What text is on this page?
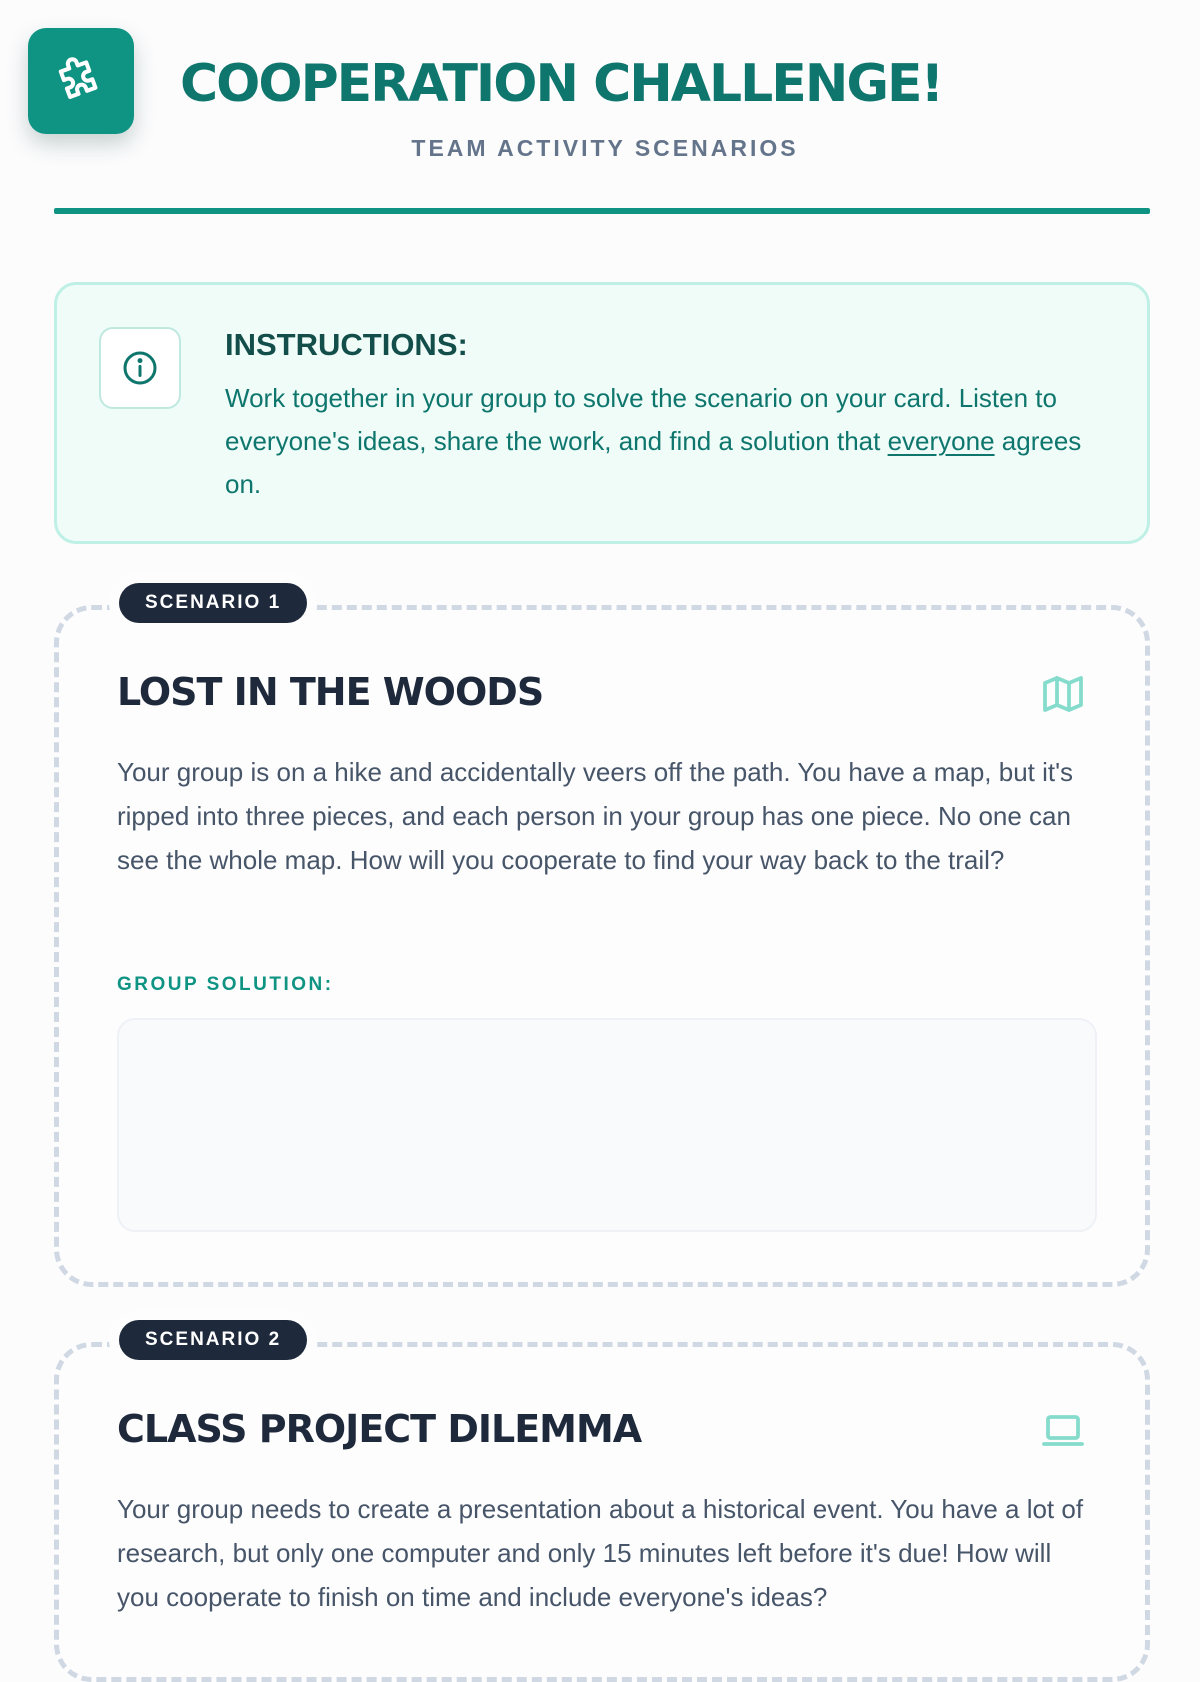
COOPERATION CHALLENGE!
TEAM ACTIVITY SCENARIOS
INSTRUCTIONS:
Work together in your group to solve the scenario on your card. Listen to everyone's ideas, share the work, and find a solution that everyone agrees on.
SCENARIO 1
LOST IN THE WOODS
Your group is on a hike and accidentally veers off the path. You have a map, but it's ripped into three pieces, and each person in your group has one piece. No one can see the whole map. How will you cooperate to find your way back to the trail?
GROUP SOLUTION:
SCENARIO 2
CLASS PROJECT DILEMMA
Your group needs to create a presentation about a historical event. You have a lot of research, but only one computer and only 15 minutes left before it's due! How will you cooperate to finish on time and include everyone's ideas?
